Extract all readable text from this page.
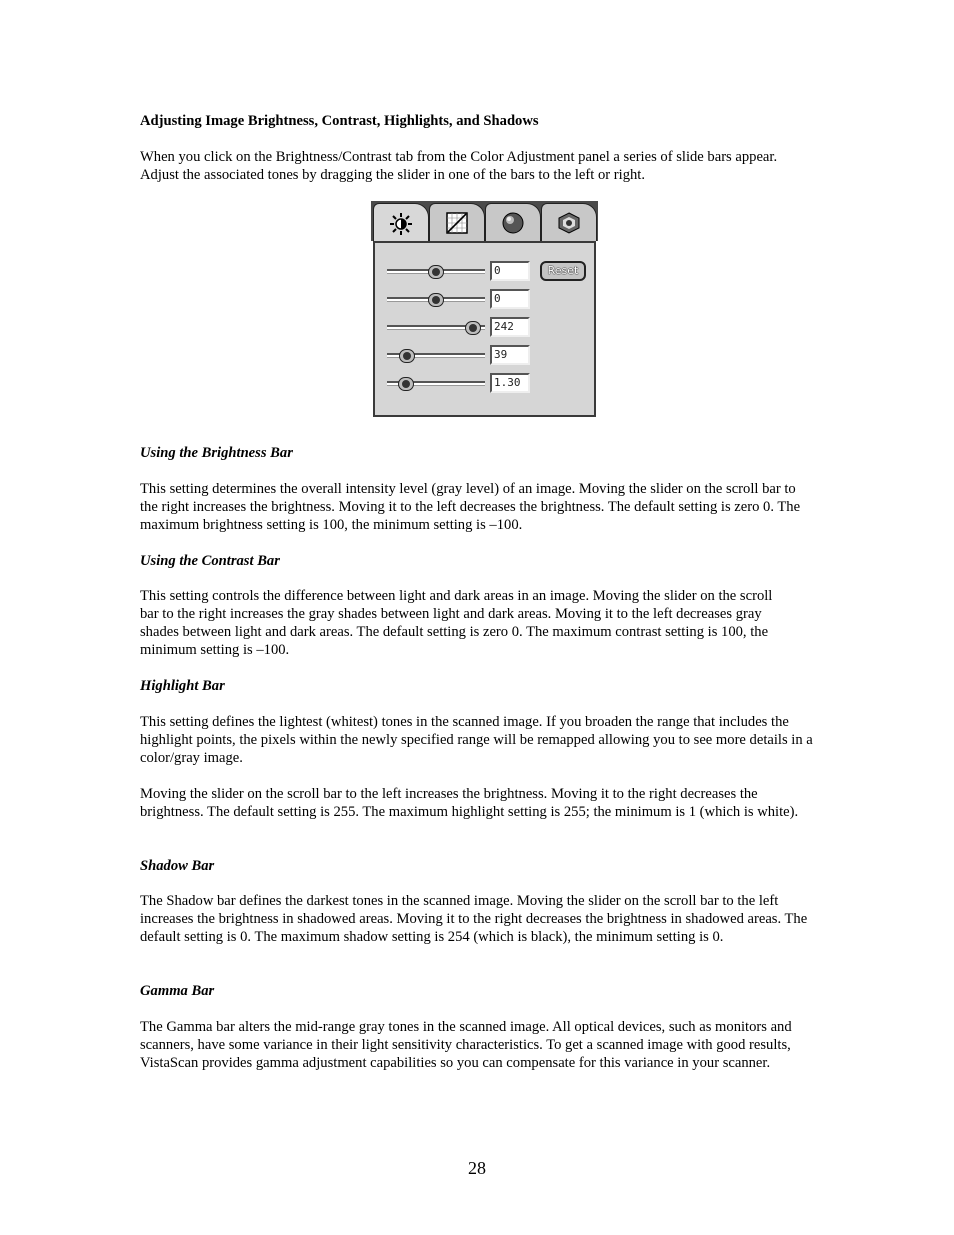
Adjusting Image Brightness, Contrast, Highlights, and Shadows

When you click on the Brightness/Contrast tab from the Color Adjustment panel a series of slide bars appear. Adjust the associated tones by dragging the slider in one of the bars to the left or right.

Using the Brightness Bar

This setting determines the overall intensity level (gray level) of an image. Moving the slider on the scroll bar to the right increases the brightness. Moving it to the left decreases the brightness. The default setting is zero 0. The maximum brightness setting is 100, the minimum setting is –100.

Using the Contrast Bar

This setting controls the difference between light and dark areas in an image. Moving the slider on the scroll bar to the right increases the gray shades between light and dark areas. Moving it to the left decreases gray shades between light and dark areas. The default setting is zero 0. The maximum contrast setting is 100, the minimum setting is –100.

Highlight Bar

This setting defines the lightest (whitest) tones in the scanned image. If you broaden the range that includes the highlight points, the pixels within the newly specified range will be remapped allowing you to see more details in a color/gray image.

Moving the slider on the scroll bar to the left increases the brightness. Moving it to the right decreases the brightness. The default setting is 255. The maximum highlight setting is 255; the minimum is 1 (which is white).

Shadow Bar

The Shadow bar defines the darkest tones in the scanned image. Moving the slider on the scroll bar to the left increases the brightness in shadowed areas. Moving it to the right decreases the brightness in shadowed areas. The default setting is 0. The maximum shadow setting is 254 (which is black), the minimum setting is 0.

Gamma Bar

The Gamma bar alters the mid-range gray tones in the scanned image. All optical devices, such as monitors and scanners, have some variance in their light sensitivity characteristics. To get a scanned image with good results, VistaScan provides gamma adjustment capabilities so you can compensate for this variance in your scanner.

Reset
0
0
242
39
1.30
28
